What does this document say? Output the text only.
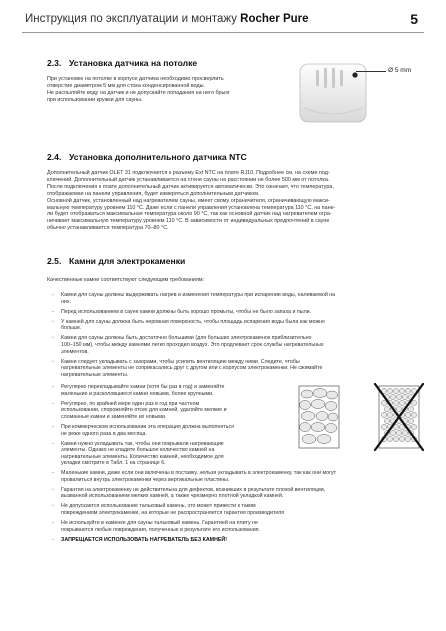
Инструкция по эксплуатации и монтажу Rocher Pure	5
2.3. Установка датчика на потолке

При установке на потолке в корпусе датчика необходимо просверлить

отверстие диаметром 5 мм для стока конденсированной воды.

Не распыляйте воду на датчик и не допускайте попадания на него брызг

при использовании кружки для сауны.

Ø 5 mm
2.4. Установка дополнительного датчика NTC

Дополнительный датчик OLET 31 подключается к разъему Ext NTC на плате RJ10. Подробнее см. на схеме под-

ключений. Дополнительный датчик устанавливается на стене сауны на расстоянии не более 500 мм от потолка.

После подключения к плате дополнительный датчик активируется автоматически. Это означает, что температура,

отображаемая на панели управления, будет измеряться дополнительным датчиком.

Основной датчик, установленный над нагревателем сауны, имеет свому ограничителя, ограничивающую макси-

мальную температуру уровнем 110 °C. Даже если с панели управления установлена температура 110 °C, на пане-

ли будет отображаться максимальная температура около 90 °C, так как основной датчик над нагревателем огра-

ничивает максимальную температуру уровнем 110 °C. В зависимости от индивидуальных предпочтений в сауне

обычно устанавливается температура 70–80 °C.

2.5. Камни для электрокаменки
Качественные камни соответствуют следующим требованиям:
- Камни для сауны должны выдерживать нагрев и изменения температуры при испарении воды, наливаемой на
них.
- Перед использованием в сауне камни должны быть хорошо промыты, чтобы не было запаха и пыли.
- У камней для сауны должна быть неровная поверхность, чтобы площадь испарения воды была как можно
больше.
- Камни для сауны должны быть достаточно большими (для больших электрокаменок приблизительно
100–150 мм), чтобы между камнями легко проходил воздух. Это продлевает срок службы нагревательных
элементов.
- Камни следует укладывать с зазорами, чтобы усилить вентиляцию между ними. Следите, чтобы
нагревательные элементы не соприкасались друг с другом или с корпусом электрокаменки. Не сжимайте
нагревательные элементы.
- Регулярно перекладывайте камни (хотя бы раз в год) и заменяйте
маленькие и расколовшиеся камни новыми, более крупными.
- Регулярно, по крайней мере один раз в год при частном
использовании, спорожняйте отсек для камней, удаляйте мелкие и
сломанные камни и заменяйте их новыми.
- При коммерческом использовании эта операция должна выполняться
не реже одного раза в два месяца.
- Камни нужно укладывать так, чтобы они покрывали нагревающие
элементы. Однако не кладите большое количество камней на
нагревательные элементы. Количество камней, необходимое для
укладки смотрите в Табл. 1 на странице 6.
- Маленькие камни, даже если они включены в поставку, нельзя укладывать в электрокаменку, так как они могут
провалиться внутрь электрокаменки через вертикальные пластины.
- Гарантия на электрокаменку не действительна для дефектов, возникших в результате плохой вентиляции,
вызванной использованием мелких камней, а также чрезмерно плотной укладкой камней.
- Не допускается использование тальковый камень, это может привести к таким
повреждениям электрокаменки, на которые не распространяется гарантия производителя
- Не используйте в каменке для сауны тальковый камень. Гарантией на плиту не
покрываются любые повреждения, полученные в результате его использования.
- ЗАПРЕЩАЕТСЯ ИСПОЛЬЗОВАТЬ НАГРЕВАТЕЛЬ БЕЗ КАМНЕЙ!
